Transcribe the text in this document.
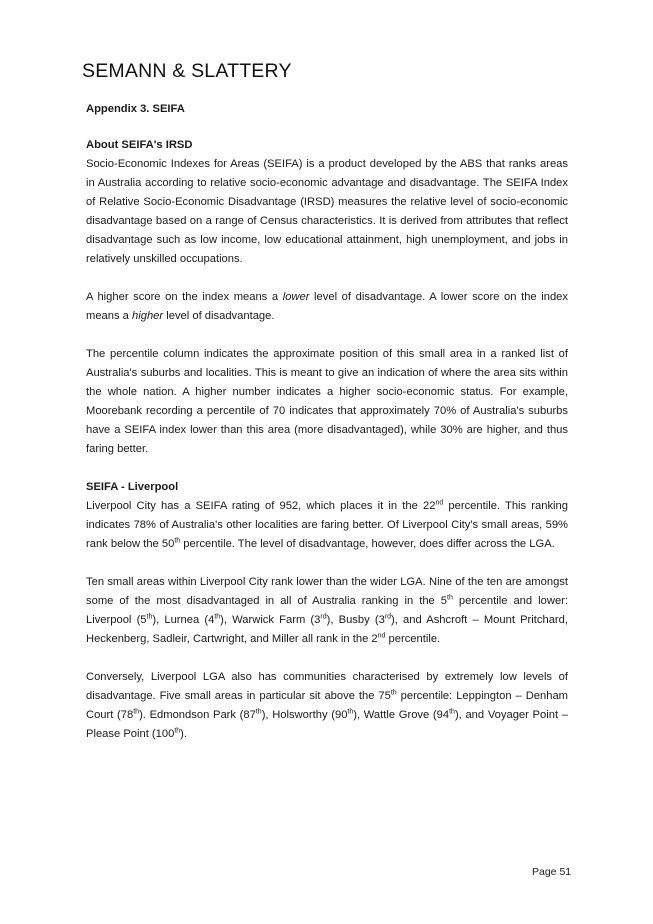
SEMANN & SLATTERY
Appendix 3. SEIFA
About SEIFA's IRSD

Socio-Economic Indexes for Areas (SEIFA) is a product developed by the ABS that ranks areas in Australia according to relative socio-economic advantage and disadvantage. The SEIFA Index of Relative Socio-Economic Disadvantage (IRSD) measures the relative level of socio-economic disadvantage based on a range of Census characteristics. It is derived from attributes that reflect disadvantage such as low income, low educational attainment, high unemployment, and jobs in relatively unskilled occupations.

A higher score on the index means a lower level of disadvantage. A lower score on the index means a higher level of disadvantage.

The percentile column indicates the approximate position of this small area in a ranked list of Australia's suburbs and localities. This is meant to give an indication of where the area sits within the whole nation. A higher number indicates a higher socio-economic status. For example, Moorebank recording a percentile of 70 indicates that approximately 70% of Australia's suburbs have a SEIFA index lower than this area (more disadvantaged), while 30% are higher, and thus faring better.

SEIFA - Liverpool

Liverpool City has a SEIFA rating of 952, which places it in the 22nd percentile. This ranking indicates 78% of Australia's other localities are faring better. Of Liverpool City's small areas, 59% rank below the 50th percentile. The level of disadvantage, however, does differ across the LGA.

Ten small areas within Liverpool City rank lower than the wider LGA. Nine of the ten are amongst some of the most disadvantaged in all of Australia ranking in the 5th percentile and lower: Liverpool (5th), Lurnea (4th), Warwick Farm (3rd), Busby (3rd), and Ashcroft – Mount Pritchard, Heckenberg, Sadleir, Cartwright, and Miller all rank in the 2nd percentile.

Conversely, Liverpool LGA also has communities characterised by extremely low levels of disadvantage. Five small areas in particular sit above the 75th percentile: Leppington – Denham Court (78th). Edmondson Park (87th), Holsworthy (90th), Wattle Grove (94th), and Voyager Point – Please Point (100th).

Page 51
